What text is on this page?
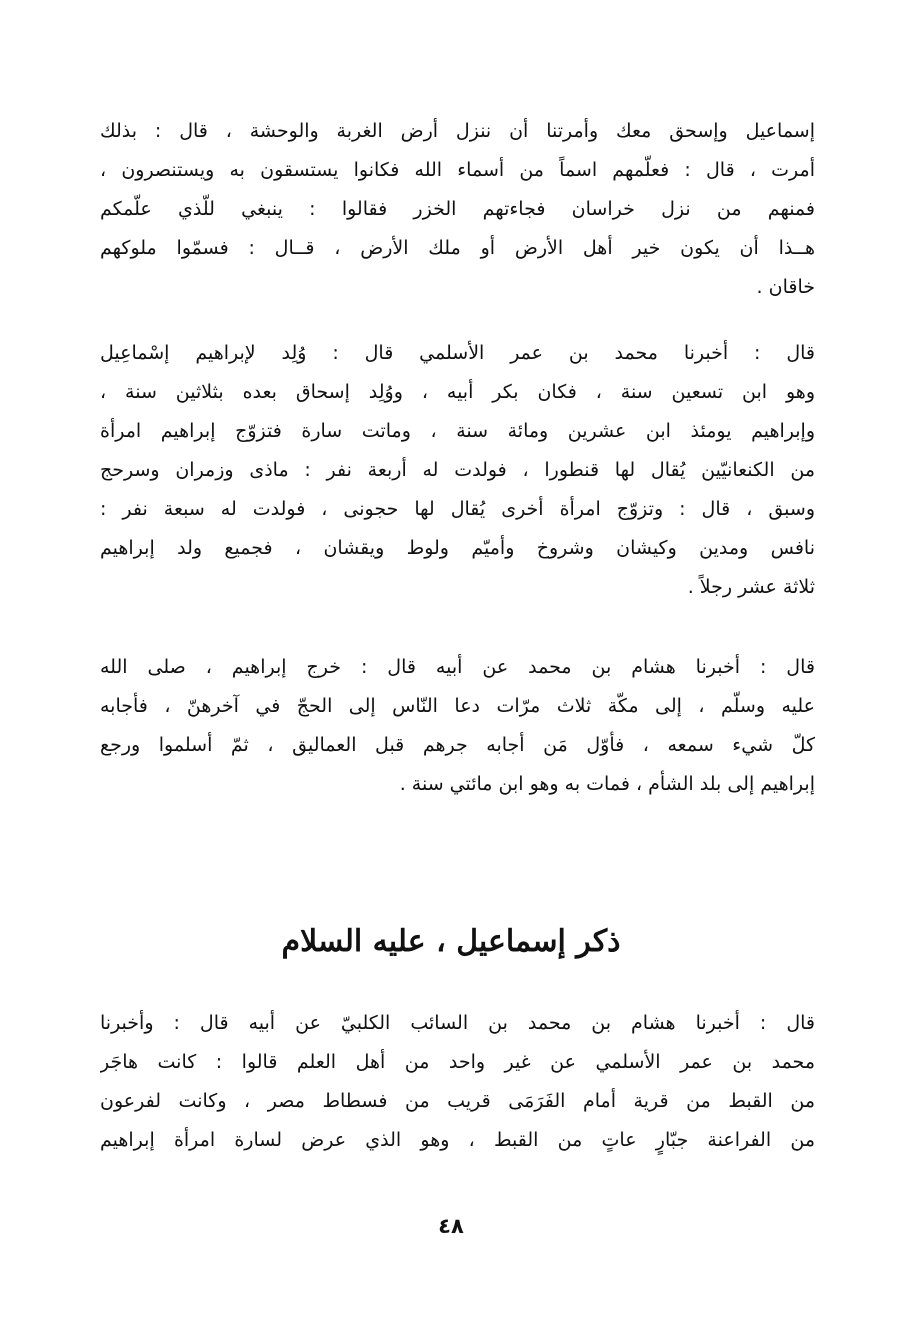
إسماعيل وإسحق معك وأمرتنا أن ننزل أرض الغربة والوحشة ، قال : بذلك
أمرت ، قال : فعلّمهم اسماً من أسماء الله فكانوا يستسقون به ويستنصرون ،
فمنهم من نزل خراسان فجاءتهم الخزر فقالوا : ينبغي للّذي علّمكم
هــذا أن يكون خير أهل الأرض أو ملك الأرض ، قــال : فسمّوا ملوكهم
خاقان .
قال : أخبرنا محمد بن عمر الأسلمي قال : وُلِد لإبراهيم إسْماعِيل
وهو ابن تسعين سنة ، فكان بكر أبيه ، ووُلِد إسحاق بعده بثلاثين سنة ،
وإبراهيم يومئذ ابن عشرين ومائة سنة ، وماتت سارة فتزوّج إبراهيم امرأة
من الكنعانيّين يُقال لها قنطورا ، فولدت له أربعة نفر : ماذى وزمران وسرحج
وسبق ، قال : وتزوّج امرأة أخرى يُقال لها حجونى ، فولدت له سبعة نفر :
نافس ومدين وكيشان وشروخ وأميّم ولوط ويقشان ، فجميع ولد إبراهيم
ثلاثة عشر رجلاً .
قال : أخبرنا هشام بن محمد عن أبيه قال : خرج إبراهيم ، صلى الله
عليه وسلّم ، إلى مكّة ثلاث مرّات دعا النّاس إلى الحجّ في آخرهنّ ، فأجابه
كلّ شيء سمعه ، فأوّل مَن أجابه جرهم قبل العماليق ، ثمّ أسلموا ورجع
إبراهيم إلى بلد الشأم ، فمات به وهو ابن مائتي سنة .
ذكر إسماعيل ، عليه السلام
قال : أخبرنا هشام بن محمد بن السائب الكلبيّ عن أبيه قال : وأخبرنا
محمد بن عمر الأسلمي عن غير واحد من أهل العلم قالوا : كانت هاجَر
من القبط من قرية أمام الفَرَمَى قريب من فسطاط مصر ، وكانت لفرعون
من الفراعنة جبّارٍ عاتٍ من القبط ، وهو الذي عرض لسارة امرأة إبراهيم
٤٨
